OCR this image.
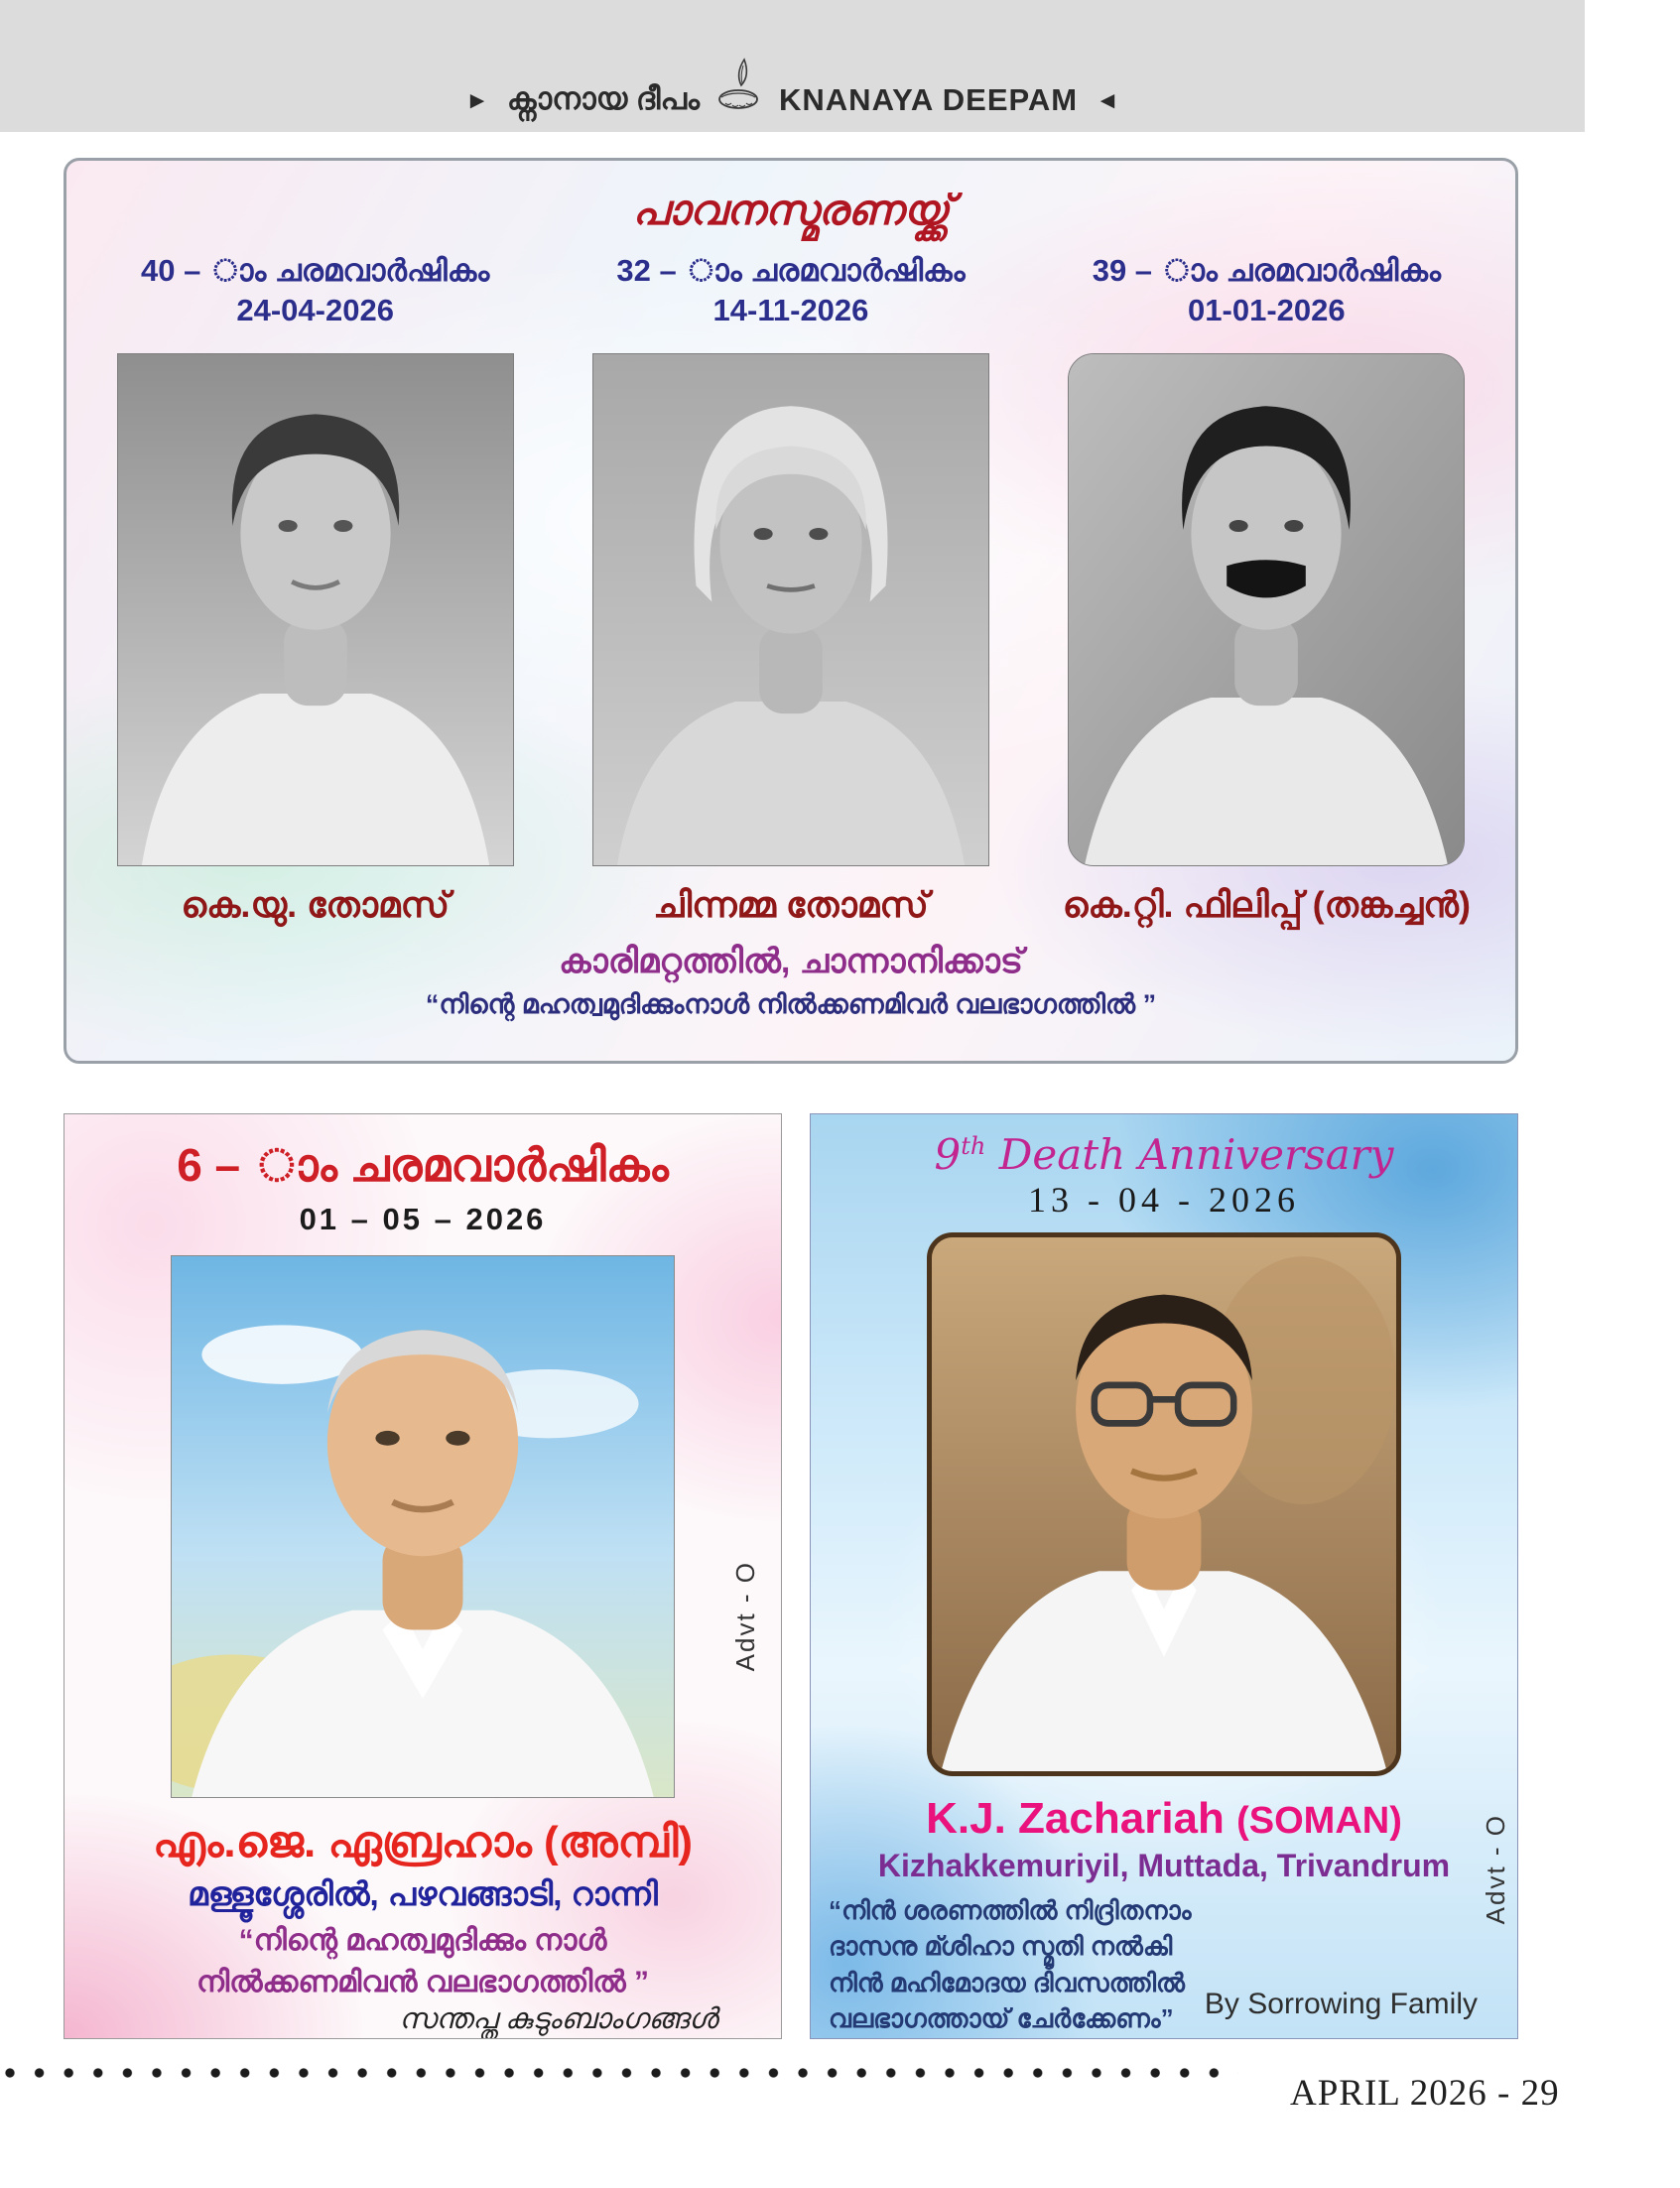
► ക്നാനായ ദീപം	KNANAYA DEEPAM ◄
പാവനസ്മരണയ്ക്ക്
40 – ാം ചരമവാർഷികം
24-04-2026
കെ.യു. തോമസ്
32 – ാം ചരമവാർഷികം
14-11-2026
ചിന്നമ്മ തോമസ്
39 – ാം ചരമവാർഷികം
01-01-2026
കെ.റ്റി. ഫിലിപ്പ് (തങ്കച്ചൻ)
കാരിമറ്റത്തിൽ, ചാന്നാനിക്കാട്
“നിന്റെ മഹത്വമുദിക്കുംനാൾ നിൽക്കണമിവർ വലഭാഗത്തിൽ ”
6 – ാം ചരമവാർഷികം
01 – 05 – 2026
Advt - O
എം.ജെ. ഏബ്രഹാം (അമ്പി)
മള്ളൂശ്ശേരിൽ, പഴവങ്ങാടി, റാന്നി
“നിന്റെ മഹത്വമുദിക്കും നാൾ
നിൽക്കണമിവൻ വലഭാഗത്തിൽ ”
സന്തപ്ത കുടുംബാംഗങ്ങൾ
9th Death Anniversary
13 - 04 - 2026
K.J. Zachariah (SOMAN)
Kizhakkemuriyil, Muttada, Trivandrum
“നിൻ ശരണത്തിൽ നിദ്രിതനാം
ദാസനു മ്ശിഹാ സ്മൃതി നൽകി
നിൻ മഹിമോദയ ദിവസത്തിൽ
വലഭാഗത്തായ് ചേർക്കേണം”	By Sorrowing Family
Advt - O
APRIL 2026 - 29
